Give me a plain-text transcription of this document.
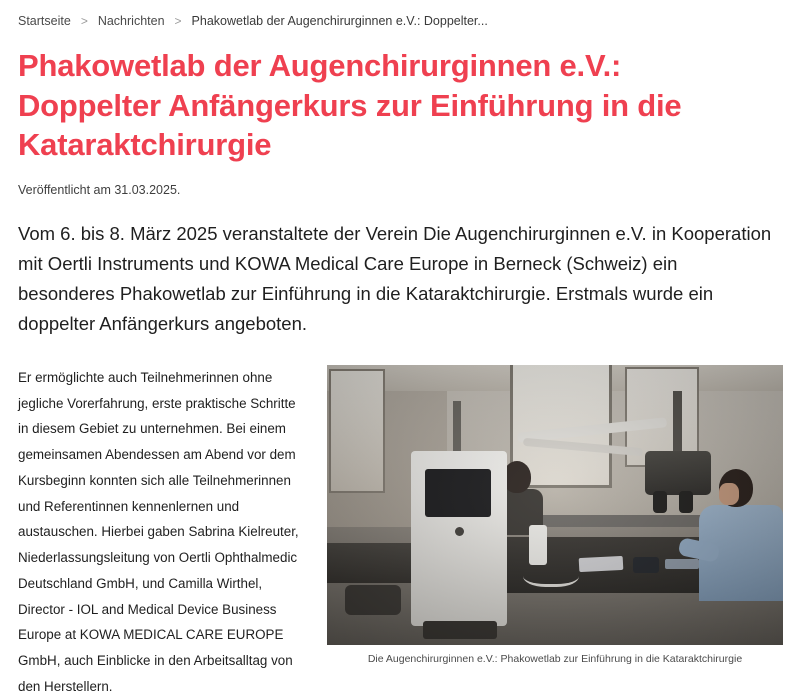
Startseite > Nachrichten > Phakowetlab der Augenchirurginnen e.V.: Doppelter...
Phakowetlab der Augenchirurginnen e.V.: Doppelter Anfängerkurs zur Einführung in die Kataraktchirurgie
Veröffentlicht am 31.03.2025.

Vom 6. bis 8. März 2025 veranstaltete der Verein Die Augenchirurginnen e.V. in Kooperation mit Oertli Instruments und KOWA Medical Care Europe in Berneck (Schweiz) ein besonderes Phakowetlab zur Einführung in die Kataraktchirurgie. Erstmals wurde ein doppelter Anfängerkurs angeboten.

Er ermöglichte auch Teilnehmerinnen ohne jegliche Vorerfahrung, erste praktische Schritte in diesem Gebiet zu unternehmen. Bei einem gemeinsamen Abendessen am Abend vor dem Kursbeginn konnten sich alle Teilnehmerinnen und Referentinnen kennenlernen und austauschen. Hierbei gaben Sabrina Kielreuter, Niederlassungsleitung von Oertli Ophthalmedic Deutschland GmbH, und Camilla Wirthel, Director - IOL and Medical Device Business Europe at KOWA MEDICAL CARE EUROPE GmbH, auch Einblicke in den Arbeitsalltag von den Herstellern.

Die Augenchirurginnen e.V.: Phakowetlab zur Einführung in die Kataraktchirurgie
